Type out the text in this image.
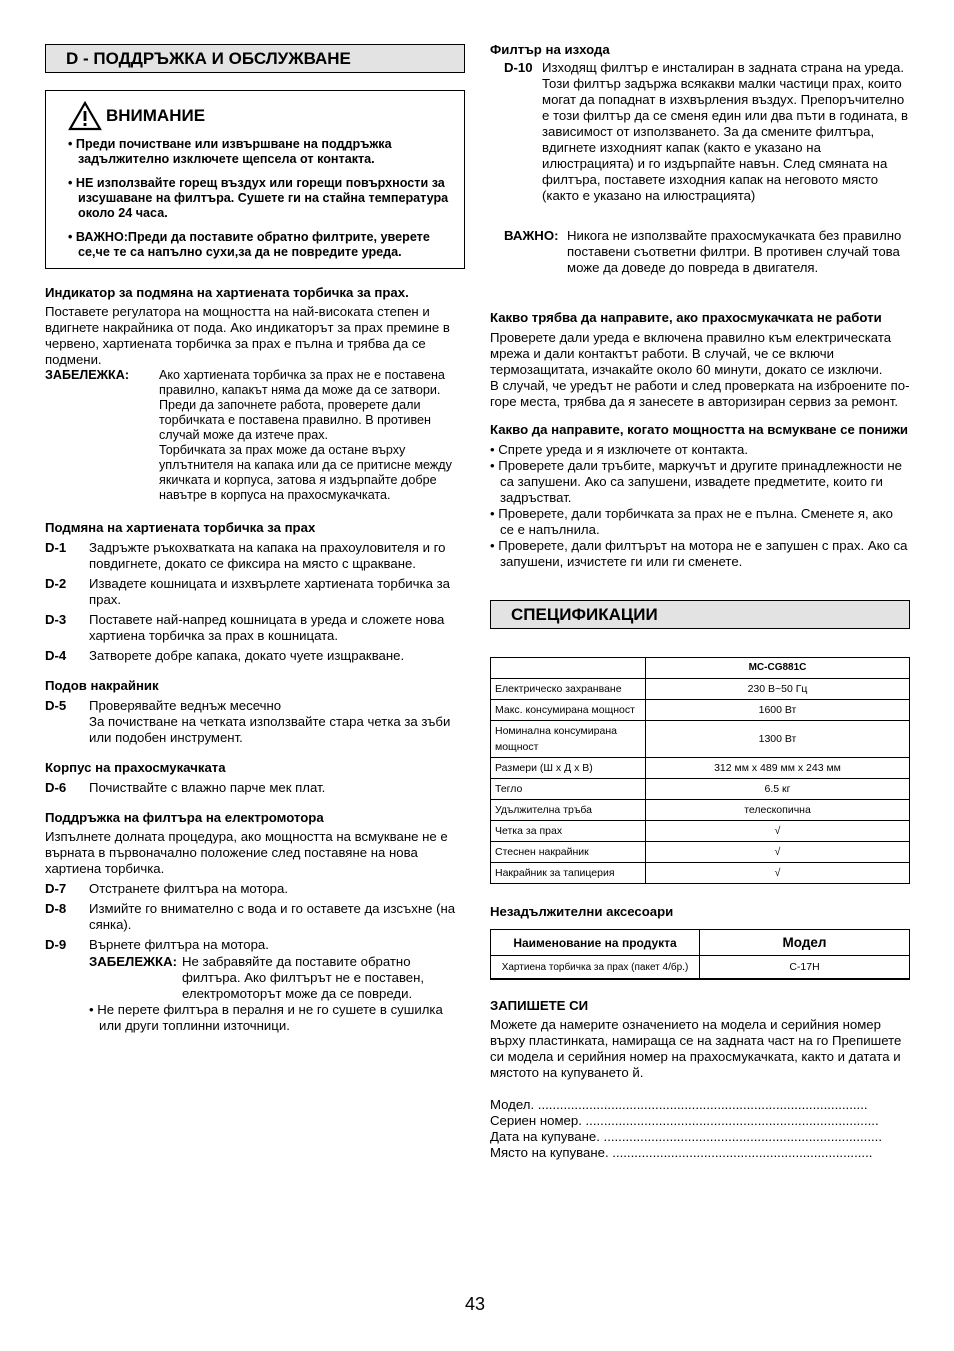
D - ПОДДРЪЖКА И ОБСЛУЖВАНЕ
ВНИМАНИЕ
• Преди почистване или извършване на поддръжка задължително изключете щепсела от контакта.
• НЕ използвайте горещ въздух или горещи повърхности за изсушаване на филтъра. Сушете ги на стайна температура около 24 часа.
• ВАЖНО:Преди да поставите обратно филтрите, уверете се,че те са напълно сухи,за да не повредите уреда.
Индикатор за подмяна на хартиената торбичка за прах.

Поставете регулатора на мощността на най-високата степен и вдигнете накрайника от пода. Ако индикаторът за прах премине в червено, хартиената торбичка за прах е пълна и трябва да се подмени.

ЗАБЕЛЕЖКА:	Ако хартиената торбичка за прах не е поставена правилно, капакът няма да може да се затвори. Преди да започнете работа, проверете дали торбичката е поставена правилно. В противен случай може да изтече прах.

Торбичката за прах може да остане върху уплътнителя на капака или да се притисне между якичката и корпуса, затова я издърпайте добре навътре в корпуса на прахосмукачката.

Подмяна на хартиената торбичка за прах
D-1	Задръжте ръкохватката на капака на прахоуловителя и го повдигнете, докато се фиксира на място с щракване.
D-2	Извадете кошницата и изхвърлете хартиената торбичка за прах.
D-3	Поставете най-напред кошницата в уреда и сложете нова хартиена торбичка за прах в кошницата.
D-4	Затворете добре капака, докато чуете изщракване.
Подов накрайник
D-5	Проверявайте веднъж месечно
За почистване на четката използвайте стара четка за зъби или подобен инструмент.
Корпус на прахосмукачката
D-6	Почиствайте с влажно парче мек плат.
Поддръжка на филтъра на електромотора

Изпълнете долната процедура, ако мощността на всмукване не е върната в първоначално положение след поставяне на нова хартиена торбичка.

D-7	Отстранете филтъра на мотора.
D-8	Измийте го внимателно с вода и го оставете да изсъхне (на сянка).
D-9	Върнете филтъра на мотора.
ЗАБЕЛЕЖКА: Не забравяйте да поставите обратно филтъра. Ако филтърът не е поставен, електромоторът може да се повреди.
• Не перете филтъра в пералня и не го сушете в сушилка или други топлинни източници.
Филтър на изхода
D-10 Изходящ филтър е инсталиран в задната страна на уреда. Този филтър задържа всякакви малки частици прах, които могат да попаднат в изхвърления въздух. Препоръчително е този филтър да се сменя един или два пъти в годината, в зависимост от използването. За да смените филтъра, вдигнете изходният капак (както е указано на илюстрацията) и го издърпайте навън. След смяната на филтъра, поставете изходния капак на неговото място (както е указано на илюстрацията)
ВАЖНО: Никога не използвайте прахосмукачката без правилно поставени съответни филтри. В противен случай това може да доведе до повреда в двигателя.
Какво трябва да направите, ако прахосмукачката не работи

Проверете дали уреда е включена правилно към електрическата мрежа и дали контактът работи. В случай, че се включи термозащитата, изчакайте около 60 минути, докато се изключи.

В случай, че уредът не работи и след проверката на изброените по-горе места, трябва да я занесете в авторизиран сервиз за ремонт.

Какво да направите, когато мощността на всмукване се понижи
• Спрете уреда и я изключете от контакта.
• Проверете дали тръбите, маркучът и другите принадлежности не са запушени. Ако са запушени, извадете предметите, които ги задръстват.
• Проверете, дали торбичката за прах не е пълна. Сменете я, ако се е напълнила.
• Проверете, дали филтърът на мотора не е запушен с прах. Ако са запушени, изчистете ги или ги сменете.
СПЕЦИФИКАЦИИ
	MC-CG881C
Електрическо захранване	230 В~50 Гц
Макс. консумирана мощност	1600 Вт
Номинална консумирана мощност	1300 Вт
Размери (Ш x Д x В)	312 мм x 489 мм x 243 мм
Тегло	6.5 кг
Удължителна тръба	телескопична
Четка за прах	√
Стеснен накрайник	√
Накрайник за тапицерия	√
Незадължителни аксесоари
Наименование на продукта	Модел
Хартиена торбичка за прах (пакет 4/бр.)	C-17H
ЗАПИШЕТЕ СИ

Можете да намерите означението на модела и серийния номер върху пластинката, намираща се на задната част на го Препишете си модела и серийния номер на прахосмукачката, както и датата и мястото на купуването й.

Модел. ..........................................................................................
Сериен номер. ................................................................................
Дата на купуване. ............................................................................
Място на купуване. .......................................................................
43
